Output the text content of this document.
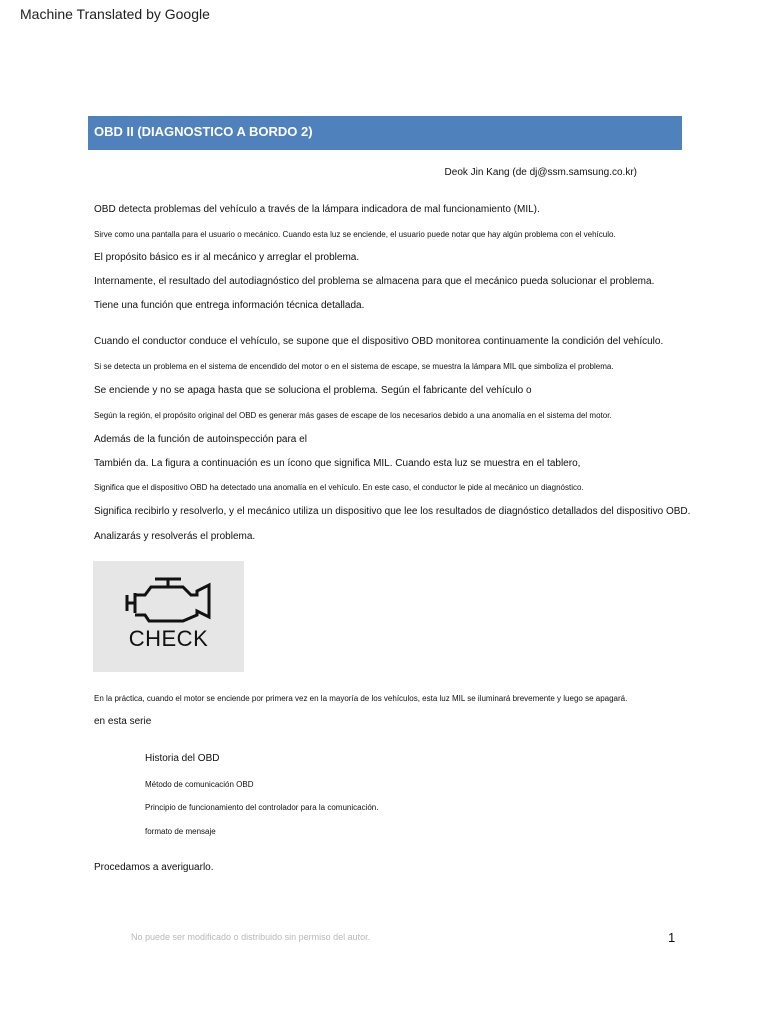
Machine Translated by Google
OBD II (DIAGNOSTICO A BORDO 2)
Deok Jin Kang (de dj@ssm.samsung.co.kr)
OBD detecta problemas del vehículo a través de la lámpara indicadora de mal funcionamiento (MIL).
Sirve como una pantalla para el usuario o mecánico. Cuando esta luz se enciende, el usuario puede notar que hay algún problema con el vehículo.
El propósito básico es ir al mecánico y arreglar el problema.
Internamente, el resultado del autodiagnóstico del problema se almacena para que el mecánico pueda solucionar el problema.
Tiene una función que entrega información técnica detallada.
Cuando el conductor conduce el vehículo, se supone que el dispositivo OBD monitorea continuamente la condición del vehículo.
Si se detecta un problema en el sistema de encendido del motor o en el sistema de escape, se muestra la lámpara MIL que simboliza el problema.
Se enciende y no se apaga hasta que se soluciona el problema. Según el fabricante del vehículo o
Según la región, el propósito original del OBD es generar más gases de escape de los necesarios debido a una anomalía en el sistema del motor.
Además de la función de autoinspección para el
También da. La figura a continuación es un ícono que significa MIL. Cuando esta luz se muestra en el tablero,
Significa que el dispositivo OBD ha detectado una anomalía en el vehículo. En este caso, el conductor le pide al mecánico un diagnóstico.
Significa recibirlo y resolverlo, y el mecánico utiliza un dispositivo que lee los resultados de diagnóstico detallados del dispositivo OBD.
Analizarás y resolverás el problema.
CHECK
En la práctica, cuando el motor se enciende por primera vez en la mayoría de los vehículos, esta luz MIL se iluminará brevemente y luego se apagará.
en esta serie
Historia del OBD
Método de comunicación OBD
Principio de funcionamiento del controlador para la comunicación.
formato de mensaje
Procedamos a averiguarlo.
No puede ser modificado o distribuido sin permiso del autor.	1
